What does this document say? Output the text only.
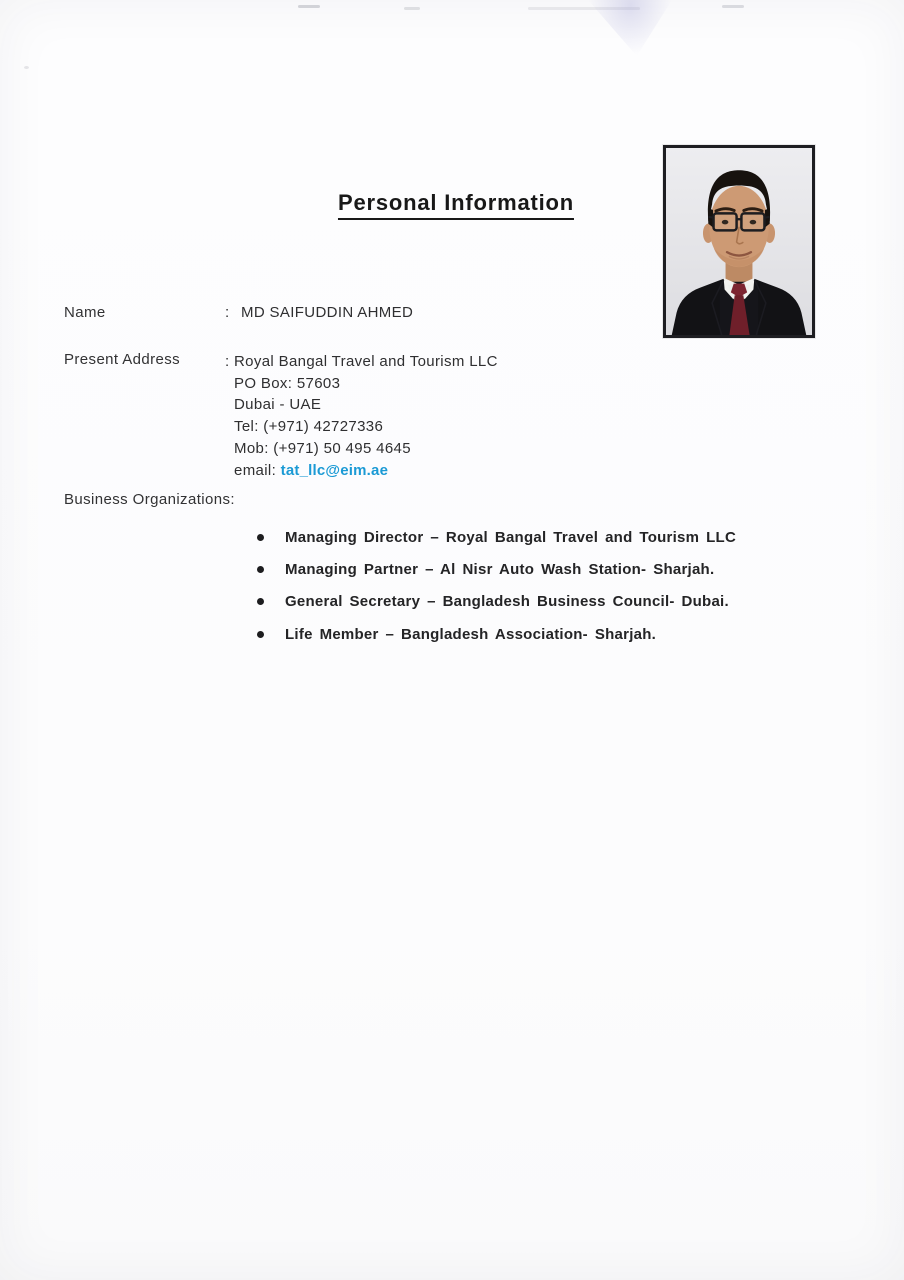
Personal Information
Name	: MD SAIFUDDIN AHMED
Present Address	: Royal Bangal Travel and Tourism LLC
PO Box: 57603
Dubai - UAE
Tel: (+971) 42727336
Mob: (+971) 50 495 4645
email: tat_llc@eim.ae
Business Organizations:
Managing Director – Royal Bangal Travel and Tourism LLC
Managing Partner – Al Nisr Auto Wash Station- Sharjah.
General Secretary – Bangladesh Business Council- Dubai.
Life Member – Bangladesh Association- Sharjah.
